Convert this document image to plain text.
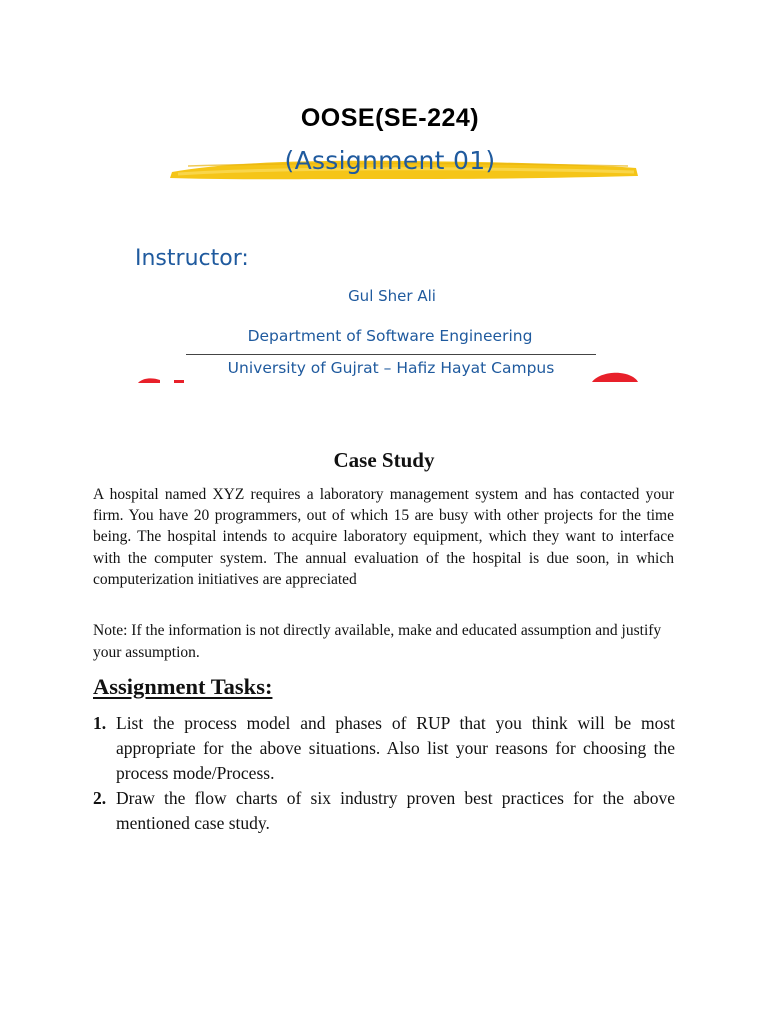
OOSE(SE-224)
(Assignment 01)
Instructor:
Gul Sher Ali
Department of Software Engineering
University of Gujrat – Hafiz Hayat Campus
Case Study

A hospital named XYZ requires a laboratory management system and has contacted your firm. You have 20 programmers, out of which 15 are busy with other projects for the time being. The hospital intends to acquire laboratory equipment, which they want to interface with the computer system. The annual evaluation of the hospital is due soon, in which computerization initiatives are appreciated

Note: If the information is not directly available, make and educated assumption and justify your assumption.

Assignment Tasks:
1. List the process model and phases of RUP that you think will be most appropriate for the above situations. Also list your reasons for choosing the process mode/Process.
2. Draw the flow charts of six industry proven best practices for the above mentioned case study.
